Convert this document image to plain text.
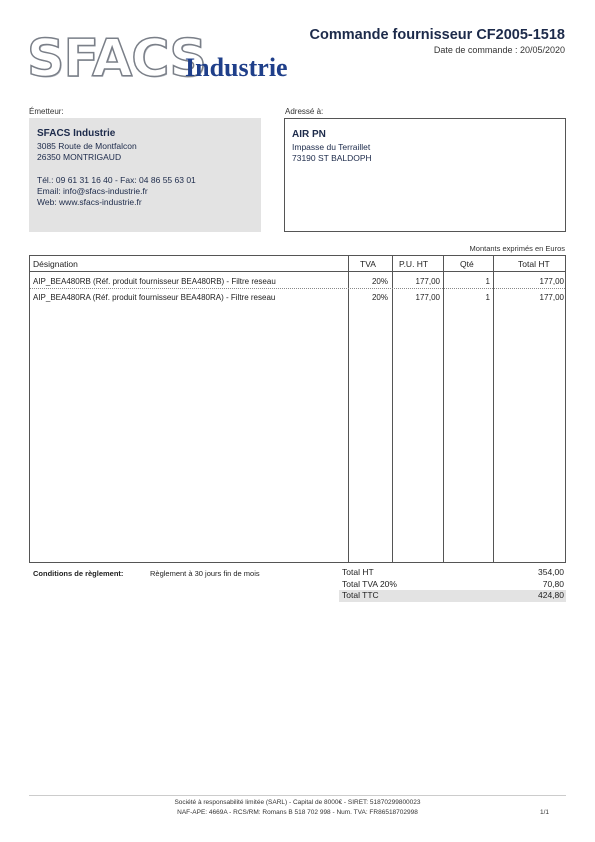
SFACS
Industrie
Commande fournisseur CF2005-1518
Date de commande : 20/05/2020
Émetteur:
SFACS Industrie
3085 Route de Montfalcon
26350 MONTRIGAUD
Tél.: 09 61 31 16 40 - Fax: 04 86 55 63 01
Email: info@sfacs-industrie.fr
Web: www.sfacs-industrie.fr
Adressé à:
AIR PN
Impasse du Terraillet
73190 ST BALDOPH
Montants exprimés en Euros
Désignation	TVA	P.U. HT	Qté	Total HT
AIP_BEA480RB (Réf. produit fournisseur BEA480RB) - Filtre reseau	20%	177,00	1	177,00
AIP_BEA480RA (Réf. produit fournisseur BEA480RA) - Filtre reseau	20%	177,00	1	177,00
Conditions de règlement:	Règlement à 30 jours fin de mois	Total HT	354,00
Total TVA 20%	70,80
Total TTC	424,80
Société à responsabilité limitée (SARL) - Capital de 8000€ - SIRET: 51870299800023
NAF-APE: 4669A - RCS/RM: Romans B 518 702 998 - Num. TVA: FR86518702998	1/1
